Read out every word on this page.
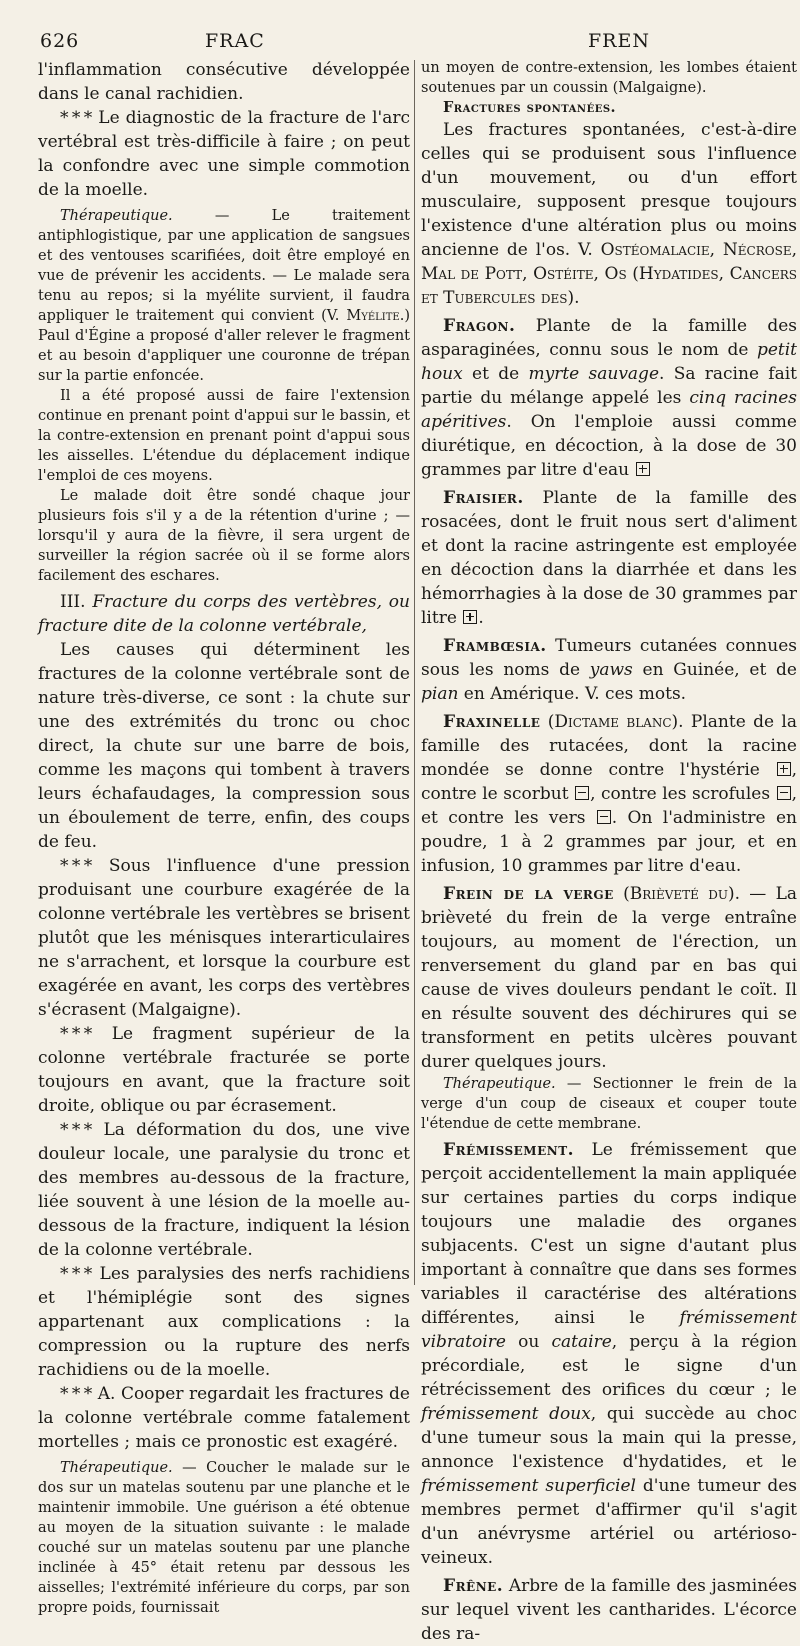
626	FRAC	FREN

l'inflammation consécutive développée dans le canal rachidien.

* * * Le diagnostic de la fracture de l'arc vertébral est très-difficile à faire ; on peut la confondre avec une simple commotion de la moelle.

Thérapeutique. — Le traitement antiphlogistique, par une application de sangsues et des ventouses scarifiées, doit être employé en vue de prévenir les accidents. — Le malade sera tenu au repos; si la myélite survient, il faudra appliquer le traitement qui convient (V. Myélite.) Paul d'Égine a proposé d'aller relever le fragment et au besoin d'appliquer une couronne de trépan sur la partie enfoncée.

Il a été proposé aussi de faire l'extension continue en prenant point d'appui sur le bassin, et la contre-extension en prenant point d'appui sous les aisselles. L'étendue du déplacement indique l'emploi de ces moyens.

Le malade doit être sondé chaque jour plusieurs fois s'il y a de la rétention d'urine ; — lorsqu'il y aura de la fièvre, il sera urgent de surveiller la région sacrée où il se forme alors facilement des eschares.

III. Fracture du corps des vertèbres, ou fracture dite de la colonne vertébrale,

Les causes qui déterminent les fractures de la colonne vertébrale sont de nature très-diverse, ce sont : la chute sur une des extrémités du tronc ou choc direct, la chute sur une barre de bois, comme les maçons qui tombent à travers leurs échafaudages, la compression sous un éboulement de terre, enfin, des coups de feu.

* * * Sous l'influence d'une pression produisant une courbure exagérée de la colonne vertébrale les vertèbres se brisent plutôt que les ménisques interarticulaires ne s'arrachent, et lorsque la courbure est exagérée en avant, les corps des vertèbres s'écrasent (Malgaigne).

* * * Le fragment supérieur de la colonne vertébrale fracturée se porte toujours en avant, que la fracture soit droite, oblique ou par écrasement.

* * * La déformation du dos, une vive douleur locale, une paralysie du tronc et des membres au-dessous de la fracture, liée souvent à une lésion de la moelle au-dessous de la fracture, indiquent la lésion de la colonne vertébrale.

* * * Les paralysies des nerfs rachidiens et l'hémiplégie sont des signes appartenant aux complications : la compression ou la rupture des nerfs rachidiens ou de la moelle.

* * * A. Cooper regardait les fractures de la colonne vertébrale comme fatalement mortelles ; mais ce pronostic est exagéré.

Thérapeutique. — Coucher le malade sur le dos sur un matelas soutenu par une planche et le maintenir immobile. Une guérison a été obtenue au moyen de la situation suivante : le malade couché sur un matelas soutenu par une planche inclinée à 45° était retenu par dessous les aisselles; l'extrémité inférieure du corps, par son propre poids, fournissait

un moyen de contre-extension, les lombes étaient soutenues par un coussin (Malgaigne).

Fractures spontanées.

Les fractures spontanées, c'est-à-dire celles qui se produisent sous l'influence d'un mouvement, ou d'un effort musculaire, supposent presque toujours l'existence d'une altération plus ou moins ancienne de l'os. V. Ostéomalacie, Nécrose, Mal de Pott, Ostéite, Os (Hydatides, Cancers et Tubercules des).

Fragon. Plante de la famille des asparaginées, connu sous le nom de petit houx et de myrte sauvage. Sa racine fait partie du mélange appelé les cinq racines apéritives. On l'emploie aussi comme diurétique, en décoction, à la dose de 30 grammes par litre d'eau

Fraisier. Plante de la famille des rosacées, dont le fruit nous sert d'aliment et dont la racine astringente est employée en décoction dans la diarrhée et dans les hémorrhagies à la dose de 30 grammes par litre .

Frambœsia. Tumeurs cutanées connues sous les noms de yaws en Guinée, et de pian en Amérique. V. ces mots.

Fraxinelle (Dictame blanc). Plante de la famille des rutacées, dont la racine mondée se donne contre l'hystérie , contre le scorbut , contre les scrofules , et contre les vers . On l'administre en poudre, 1 à 2 grammes par jour, et en infusion, 10 grammes par litre d'eau.

Frein de la verge (Brièveté du). — La brièveté du frein de la verge entraîne toujours, au moment de l'érection, un renversement du gland par en bas qui cause de vives douleurs pendant le coït. Il en résulte souvent des déchirures qui se transforment en petits ulcères pouvant durer quelques jours.

Thérapeutique. — Sectionner le frein de la verge d'un coup de ciseaux et couper toute l'étendue de cette membrane.

Frémissement. Le frémissement que perçoit accidentellement la main appliquée sur certaines parties du corps indique toujours une maladie des organes subjacents. C'est un signe d'autant plus important à connaître que dans ses formes variables il caractérise des altérations différentes, ainsi le frémissement vibratoire ou cataire, perçu à la région précordiale, est le signe d'un rétrécissement des orifices du cœur ; le frémissement doux, qui succède au choc d'une tumeur sous la main qui la presse, annonce l'existence d'hydatides, et le frémissement superficiel d'une tumeur des membres permet d'affirmer qu'il s'agit d'un anévrysme artériel ou artérioso-veineux.

Frêne. Arbre de la famille des jasminées sur lequel vivent les cantharides. L'écorce des ra-
